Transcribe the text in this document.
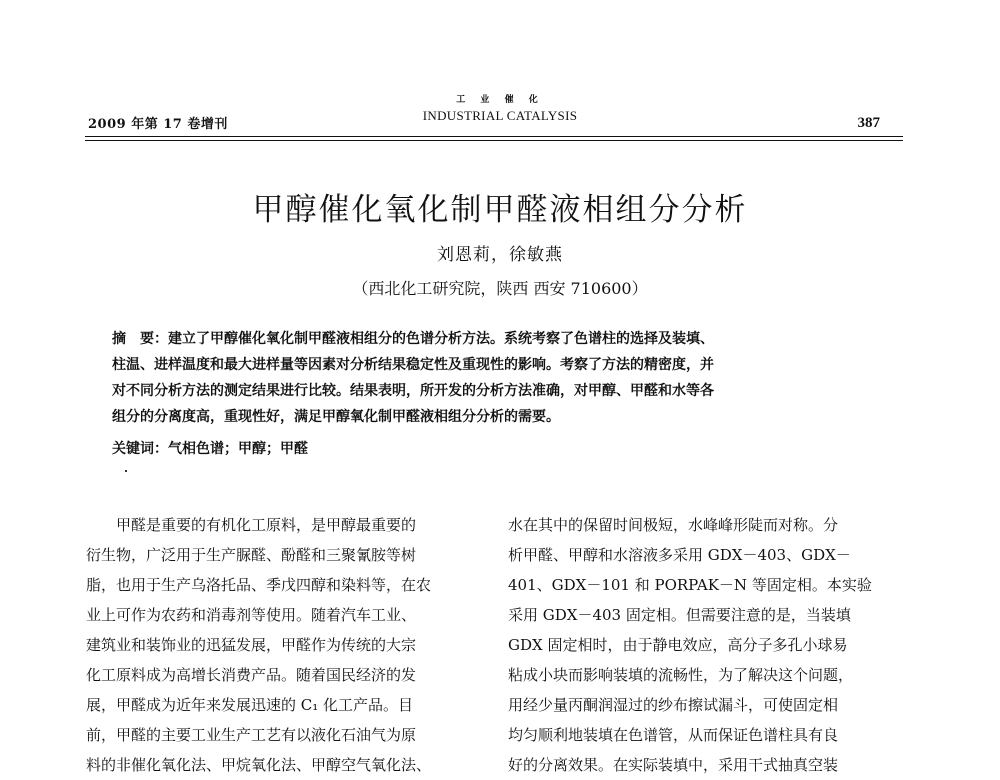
2009 年第 17 卷增刊
工 业 催 化
INDUSTRIAL CATALYSIS	387
甲醇催化氧化制甲醛液相组分分析
刘恩莉，徐敏燕
（西北化工研究院，陕西 西安 710600）

摘　要：建立了甲醇催化氧化制甲醛液相组分的色谱分析方法。系统考察了色谱柱的选择及装填、

柱温、进样温度和最大进样量等因素对分析结果稳定性及重现性的影响。考察了方法的精密度，并

对不同分析方法的测定结果进行比较。结果表明，所开发的分析方法准确，对甲醇、甲醛和水等各

组分的分离度高，重现性好，满足甲醇氧化制甲醛液相组分分析的需要。

关键词：气相色谱；甲醇；甲醛

甲醛是重要的有机化工原料，是甲醇最重要的

衍生物，广泛用于生产脲醛、酚醛和三聚氰胺等树

脂，也用于生产乌洛托品、季戊四醇和染料等，在农

业上可作为农药和消毒剂等使用。随着汽车工业、

建筑业和装饰业的迅猛发展，甲醛作为传统的大宗

化工原料成为高增长消费产品。随着国民经济的发

展，甲醛成为近年来发展迅速的 C₁ 化工产品。目

前，甲醛的主要工业生产工艺有以液化石油气为原

料的非催化氧化法、甲烷氧化法、甲醇空气氧化法、

水在其中的保留时间极短，水峰峰形陡而对称。分

析甲醛、甲醇和水溶液多采用 GDX－403、GDX－

401、GDX－101 和 PORPAK－N 等固定相。本实验

采用 GDX－403 固定相。但需要注意的是，当装填

GDX 固定相时，由于静电效应，高分子多孔小球易

粘成小块而影响装填的流畅性，为了解决这个问题，

用经少量丙酮润湿过的纱布擦试漏斗，可使固定相

均匀顺利地装填在色谱管，从而保证色谱柱具有良

好的分离效果。在实际装填中，采用干式抽真空装
